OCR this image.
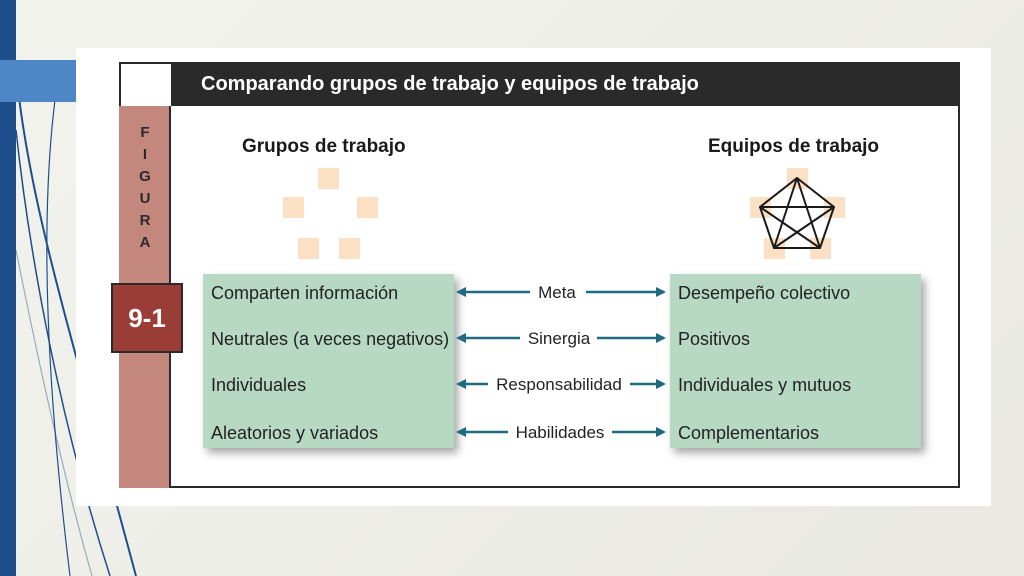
Comparando grupos de trabajo y equipos de trabajo
F
I
G
U
R
A
9-1
Grupos de trabajo	Equipos de trabajo
Comparten información
Neutrales (a veces negativos)
Individuales
Aleatorios y variados
Desempeño colectivo
Positivos
Individuales y mutuos
Complementarios
Meta
Sinergia
Responsabilidad
Habilidades
